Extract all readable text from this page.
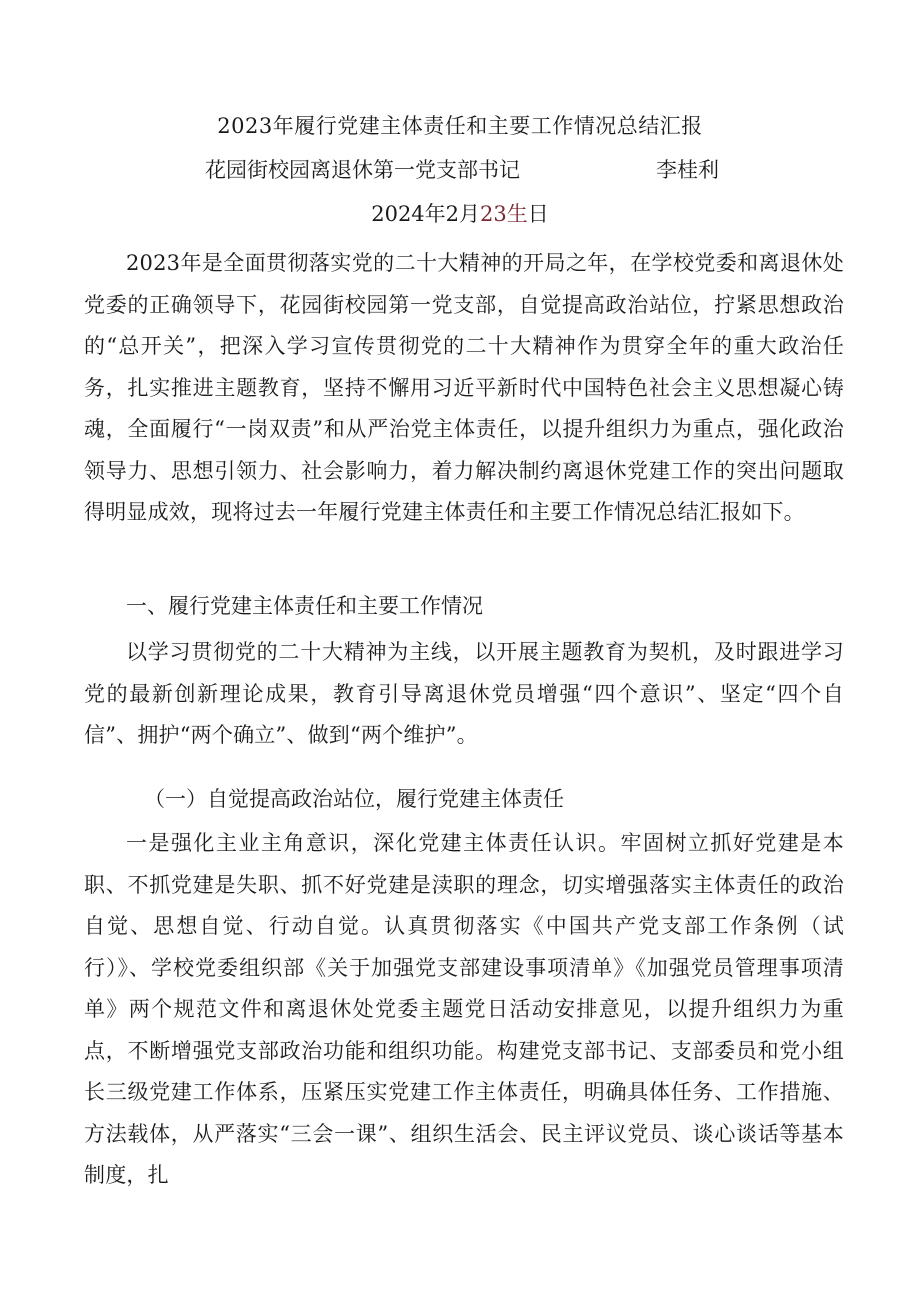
2023年履行党建主体责任和主要工作情况总结汇报
花园街校园离退休第一党支部书记	李桂利
2024年2月23生日
2023年是全面贯彻落实党的二十大精神的开局之年，在学校党委和离退休处党委的正确领导下，花园街校园第一党支部，自觉提高政治站位，拧紧思想政治的“总开关”，把深入学习宣传贯彻党的二十大精神作为贯穿全年的重大政治任务，扎实推进主题教育，坚持不懈用习近平新时代中国特色社会主义思想凝心铸魂，全面履行“一岗双责”和从严治党主体责任，以提升组织力为重点，强化政治领导力、思想引领力、社会影响力，着力解决制约离退休党建工作的突出问题取得明显成效，现将过去一年履行党建主体责任和主要工作情况总结汇报如下。
一、履行党建主体责任和主要工作情况
以学习贯彻党的二十大精神为主线，以开展主题教育为契机，及时跟进学习党的最新创新理论成果，教育引导离退休党员增强“四个意识”、坚定“四个自信”、拥护“两个确立”、做到“两个维护”。
（一）自觉提高政治站位，履行党建主体责任
一是强化主业主角意识，深化党建主体责任认识。牢固树立抓好党建是本职、不抓党建是失职、抓不好党建是渎职的理念，切实增强落实主体责任的政治自觉、思想自觉、行动自觉。认真贯彻落实《中国共产党支部工作条例（试行）》、学校党委组织部《关于加强党支部建设事项清单》《加强党员管理事项清单》两个规范文件和离退休处党委主题党日活动安排意见，以提升组织力为重点，不断增强党支部政治功能和组织功能。构建党支部书记、支部委员和党小组长三级党建工作体系，压紧压实党建工作主体责任，明确具体任务、工作措施、方法载体，从严落实“三会一课”、组织生活会、民主评议党员、谈心谈话等基本制度，扎
